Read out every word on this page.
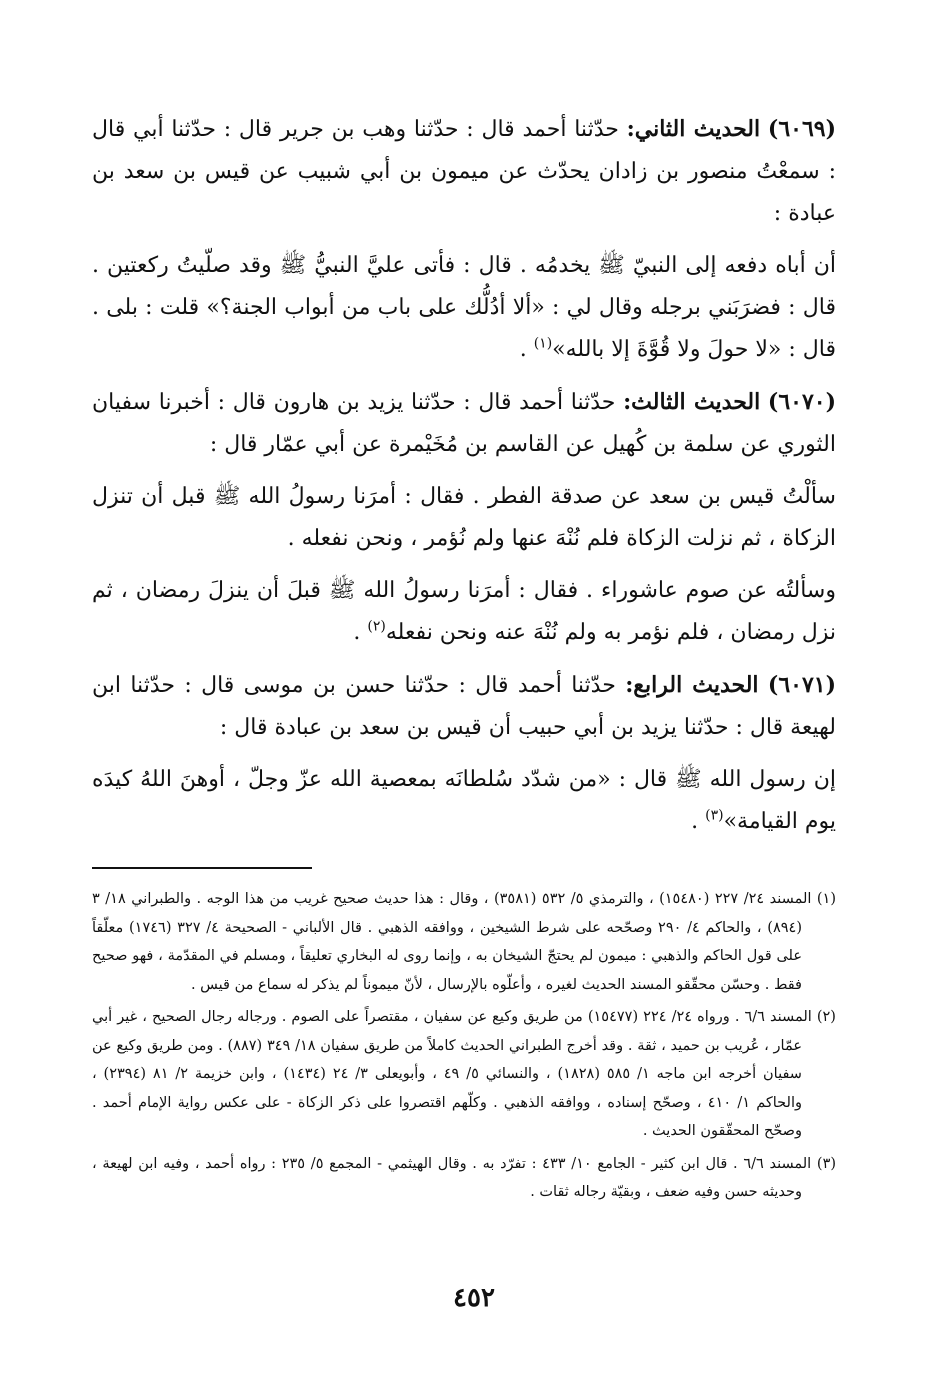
(٦٠٦٩) الحديث الثاني: حدّثنا أحمد قال : حدّثنا وهب بن جرير قال : حدّثنا أبي قال : سمعْتُ منصور بن زادان يحدّث عن ميمون بن أبي شبيب عن قيس بن سعد بن عبادة :

أن أباه دفعه إلى النبيّ ﷺ يخدمُه . قال : فأتى عليَّ النبيُّ ﷺ وقد صلّيتُ ركعتين . قال : فضرَبَني برجله وقال لي : «ألا أدُلُّك على باب من أبواب الجنة؟» قلت : بلى . قال : «لا حولَ ولا قُوَّةَ إلا بالله»$^{(١)}$ .

(٦٠٧٠) الحديث الثالث: حدّثنا أحمد قال : حدّثنا يزيد بن هارون قال : أخبرنا سفيان الثوري عن سلمة بن كُهيل عن القاسم بن مُخَيْمرة عن أبي عمّار قال :

سألْتُ قيس بن سعد عن صدقة الفطر . فقال : أمرَنا رسولُ الله ﷺ قبل أن تنزل الزكاة ، ثم نزلت الزكاة فلم نُنْهَ عنها ولم نُؤمر ، ونحن نفعله .

وسألتُه عن صوم عاشوراء . فقال : أمرَنا رسولُ الله ﷺ قبلَ أن ينزلَ رمضان ، ثم نزل رمضان ، فلم نؤمر به ولم نُنْهَ عنه ونحن نفعله$^{(٢)}$ .

(٦٠٧١) الحديث الرابع: حدّثنا أحمد قال : حدّثنا حسن بن موسى قال : حدّثنا ابن لهيعة قال : حدّثنا يزيد بن أبي حبيب أن قيس بن سعد بن عبادة قال :

إن رسول الله ﷺ قال : «من شدّد سُلطانَه بمعصية الله عزّ وجلّ ، أوهنَ اللهُ كيدَه يوم القيامة»$^{(٣)}$ .

(١) المسند ٢٤/ ٢٢٧ (١٥٤٨٠) ، والترمذي ٥/ ٥٣٢ (٣٥٨١) ، وقال : هذا حديث صحيح غريب من هذا الوجه . والطبراني ١٨/ ٣ (٨٩٤) ، والحاكم ٤/ ٢٩٠ وصحّحه على شرط الشيخين ، ووافقه الذهبي . قال الألباني - الصحيحة ٤/ ٣٢٧ (١٧٤٦) معلّقاً على قول الحاكم والذهبي : ميمون لم يحتجّ الشيخان به ، وإنما روى له البخاري تعليقاً ، ومسلم في المقدّمة ، فهو صحيح فقط . وحسّن محقّقو المسند الحديث لغيره ، وأعلّوه بالإرسال ، لأنّ ميموناً لم يذكر له سماع من قيس .

(٢) المسند ٦/٦ . ورواه ٢٤/ ٢٢٤ (١٥٤٧٧) من طريق وكيع عن سفيان ، مقتصراً على الصوم . ورجاله رجال الصحيح ، غير أبي عمّار ، عُريب بن حميد ، ثقة . وقد أخرج الطبراني الحديث كاملاً من طريق سفيان ١٨/ ٣٤٩ (٨٨٧) . ومن طريق وكيع عن سفيان أخرجه ابن ماجه ١/ ٥٨٥ (١٨٢٨) ، والنسائي ٥/ ٤٩ ، وأبويعلى ٣/ ٢٤ (١٤٣٤) ، وابن خزيمة ٢/ ٨١ (٢٣٩٤) ، والحاكم ١/ ٤١٠ ، وصحّح إسناده ، ووافقه الذهبي . وكلّهم اقتصروا على ذكر الزكاة - على عكس رواية الإمام أحمد . وصحّح المحقّقون الحديث .

(٣) المسند ٦/٦ . قال ابن كثير - الجامع ١٠/ ٤٣٣ : تفرّد به . وقال الهيثمي - المجمع ٥/ ٢٣٥ : رواه أحمد ، وفيه ابن لهيعة ، وحديثه حسن وفيه ضعف ، وبقيّة رجاله ثقات .

٤٥٢
